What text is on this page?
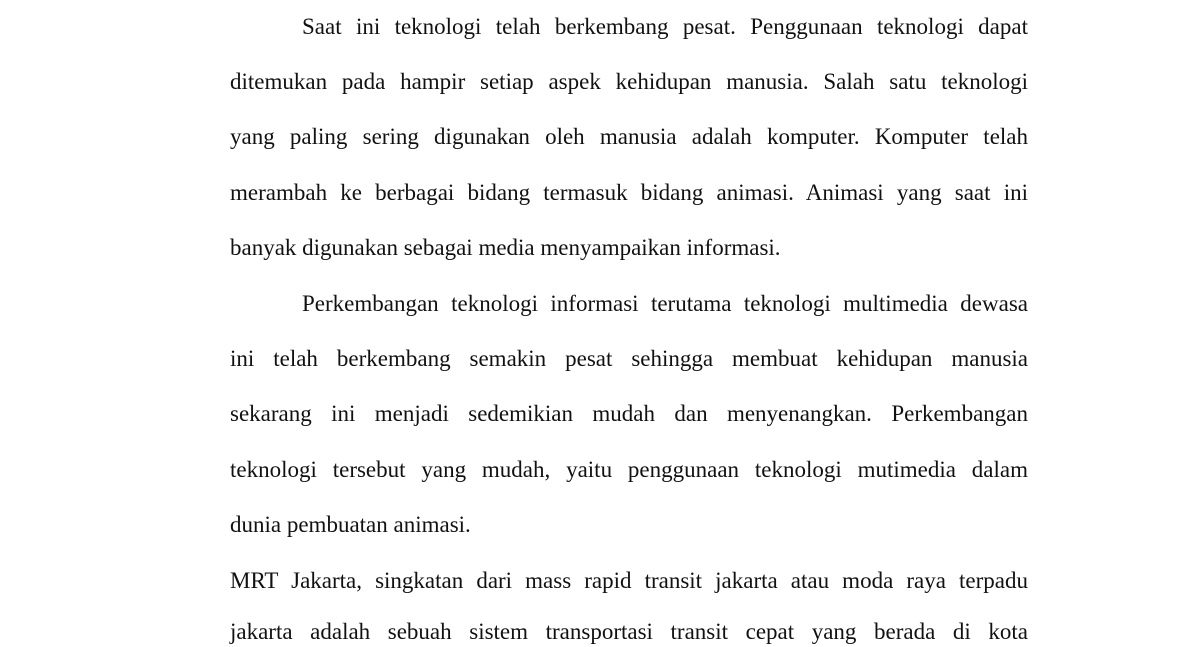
Saat ini teknologi telah berkembang pesat. Penggunaan teknologi dapat
ditemukan pada hampir setiap aspek kehidupan manusia. Salah satu teknologi
yang paling sering digunakan oleh manusia adalah komputer. Komputer telah
merambah ke berbagai bidang termasuk bidang animasi. Animasi yang saat ini
banyak digunakan sebagai media menyampaikan informasi.
Perkembangan teknologi informasi terutama teknologi multimedia dewasa
ini telah berkembang semakin pesat sehingga membuat kehidupan manusia
sekarang ini menjadi sedemikian mudah dan menyenangkan. Perkembangan
teknologi tersebut yang mudah, yaitu penggunaan teknologi mutimedia dalam
dunia pembuatan animasi.
MRT Jakarta, singkatan dari mass rapid transit jakarta atau moda raya terpadu
jakarta adalah sebuah sistem transportasi transit cepat yang berada di kota
